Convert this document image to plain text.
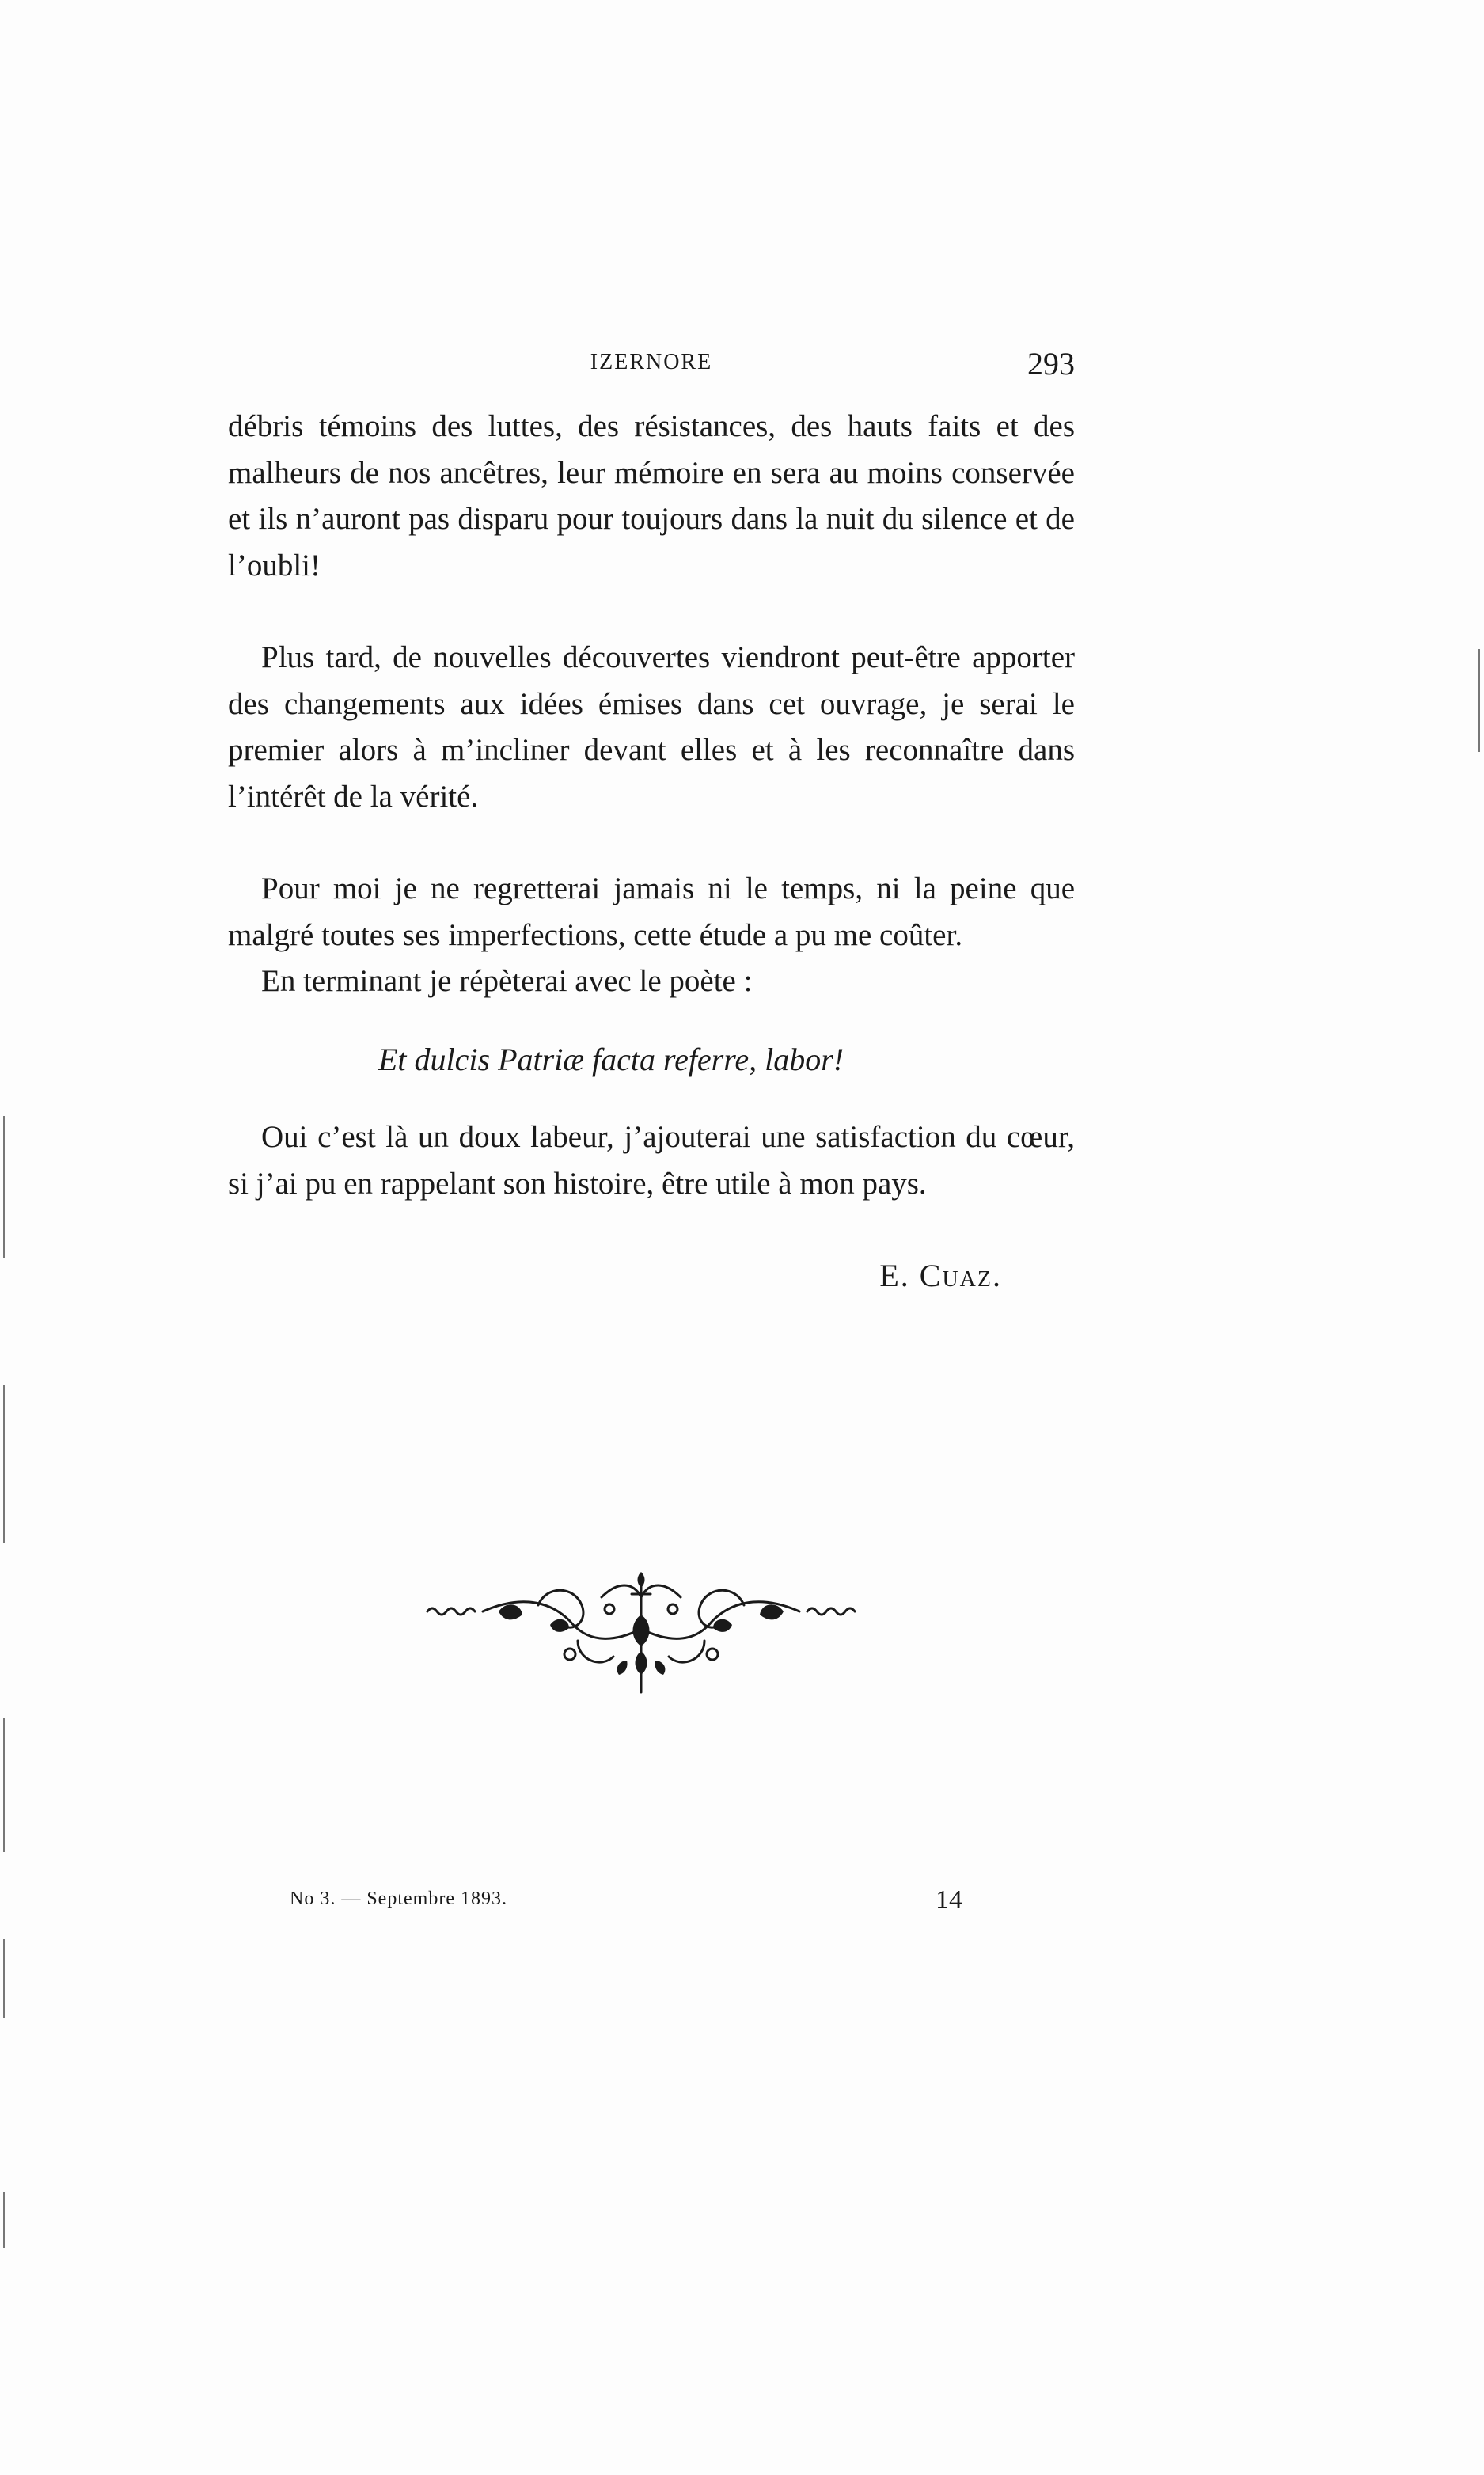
IZERNORE	293

débris témoins des luttes, des résistances, des hauts faits et des malheurs de nos ancêtres, leur mémoire en sera au moins conservée et ils n’auront pas disparu pour toujours dans la nuit du silence et de l’oubli!

Plus tard, de nouvelles découvertes viendront peut-être apporter des changements aux idées émises dans cet ouvrage, je serai le premier alors à m’incliner devant elles et à les reconnaître dans l’intérêt de la vérité.

Pour moi je ne regretterai jamais ni le temps, ni la peine que malgré toutes ses imperfections, cette étude a pu me coûter.

En terminant je répèterai avec le poète :

Et dulcis Patriæ facta referre, labor!

Oui c’est là un doux labeur, j’ajouterai une satisfaction du cœur, si j’ai pu en rappelant son histoire, être utile à mon pays.

E. Cuaz.
No 3. — Septembre 1893.	14
